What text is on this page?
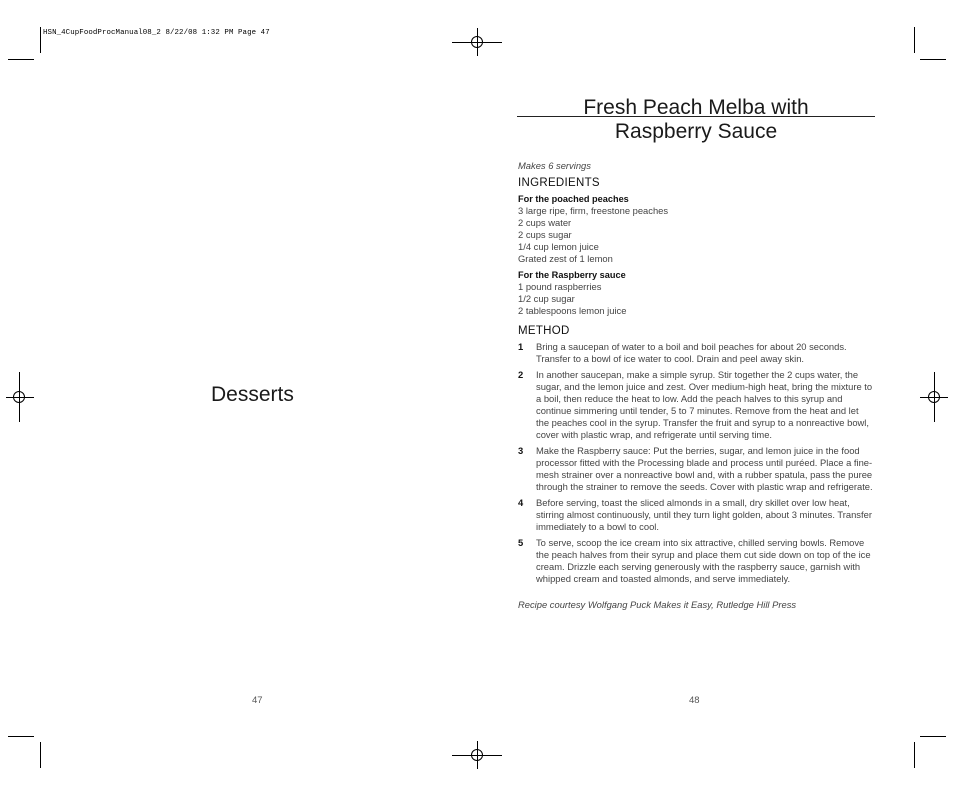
HSN_4CupFoodProcManual08_2 8/22/08 1:32 PM Page 47
Desserts
47
Fresh Peach Melba with
Raspberry Sauce

Makes 6 servings

INGREDIENTS

For the poached peaches

3 large ripe, firm, freestone peaches
2 cups water
2 cups sugar
1/4 cup lemon juice
Grated zest of 1 lemon

For the Raspberry sauce

1 pound raspberries
1/2 cup sugar
2 tablespoons lemon juice

METHOD

1	Bring a saucepan of water to a boil and boil peaches for about 20 seconds. Transfer to a bowl of ice water to cool. Drain and peel away skin.
2	In another saucepan, make a simple syrup. Stir together the 2 cups water, the sugar, and the lemon juice and zest. Over medium-high heat, bring the mixture to a boil, then reduce the heat to low. Add the peach halves to this syrup and continue simmering until tender, 5 to 7 minutes. Remove from the heat and let the peaches cool in the syrup. Transfer the fruit and syrup to a nonreactive bowl, cover with plastic wrap, and refrigerate until serving time.
3	Make the Raspberry sauce: Put the berries, sugar, and lemon juice in the food processor fitted with the Processing blade and process until puréed. Place a fine-mesh strainer over a nonreactive bowl and, with a rubber spatula, pass the puree through the strainer to remove the seeds. Cover with plastic wrap and refrigerate.
4	Before serving, toast the sliced almonds in a small, dry skillet over low heat, stirring almost continuously, until they turn light golden, about 3 minutes. Transfer immediately to a bowl to cool.
5	To serve, scoop the ice cream into six attractive, chilled serving bowls. Remove the peach halves from their syrup and place them cut side down on top of the ice cream. Drizzle each serving generously with the raspberry sauce, garnish with whipped cream and toasted almonds, and serve immediately.

Recipe courtesy Wolfgang Puck Makes it Easy, Rutledge Hill Press

48
